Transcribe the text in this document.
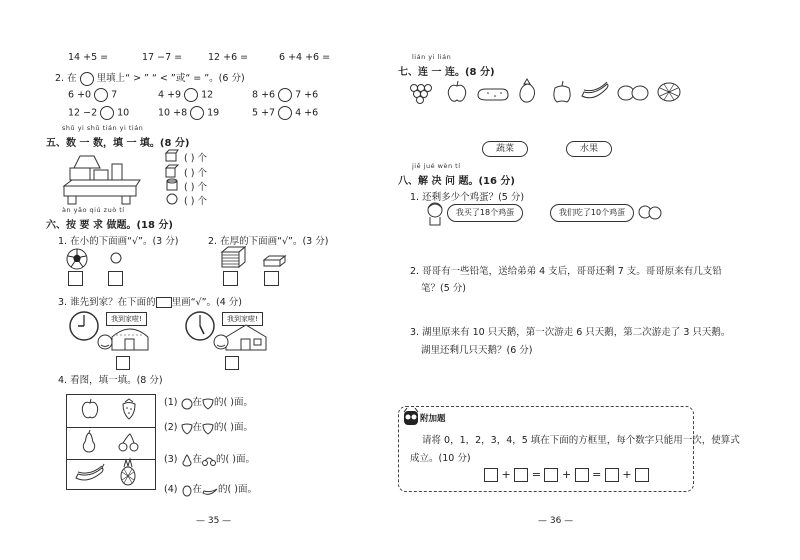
14 +5 =	17 −7 =	12 +6 =	6 +4 +6 =
2. 在 里填上“ > ” “ < ”或“ = ”。(6 分)
6 +0 7	4 +9 12	8 +6 7 +6
12 −2 10	10 +8 19	5 +7 4 +6
shǔ yi shǔ tián yi tián
五、数 一 数，填 一 填。(8 分)
( ) 个
( ) 个
( ) 个
( ) 个
àn yāo qiú zuò tí
六、按 要 求 做题。(18 分)
1. 在小的下面画“√”。(3 分)	2. 在厚的下面画“√”。(3 分)
3. 谁先到家？在下面的 里画“√”。(4 分)
我到家啦!	我到家啦!
4. 看图，填一填。(8 分)
(1) 在 的( )面。
(2) 在 的( )面。
(3) 在 的( )面。
(4) 在 的( )面。
— 35 —
lián yi lián
七、连 一 连。(8 分)
蔬菜	水果
jiě jué wèn tí
八、解 决 问 题。(16 分)
1. 还剩多少个鸡蛋？(5 分)
我买了18个鸡蛋	我们吃了10个鸡蛋
2. 哥哥有一些铅笔，送给弟弟 4 支后，哥哥还剩 7 支。哥哥原来有几支铅
笔？(5 分)
3. 湖里原来有 10 只天鹅，第一次游走 6 只天鹅，第二次游走了 3 只天鹅。
湖里还剩几只天鹅？(6 分)
附加题
请将 0，1，2，3，4，5 填在下面的方框里，每个数字只能用一次，使算式
成立。(10 分)
+ = + = +
— 36 —
